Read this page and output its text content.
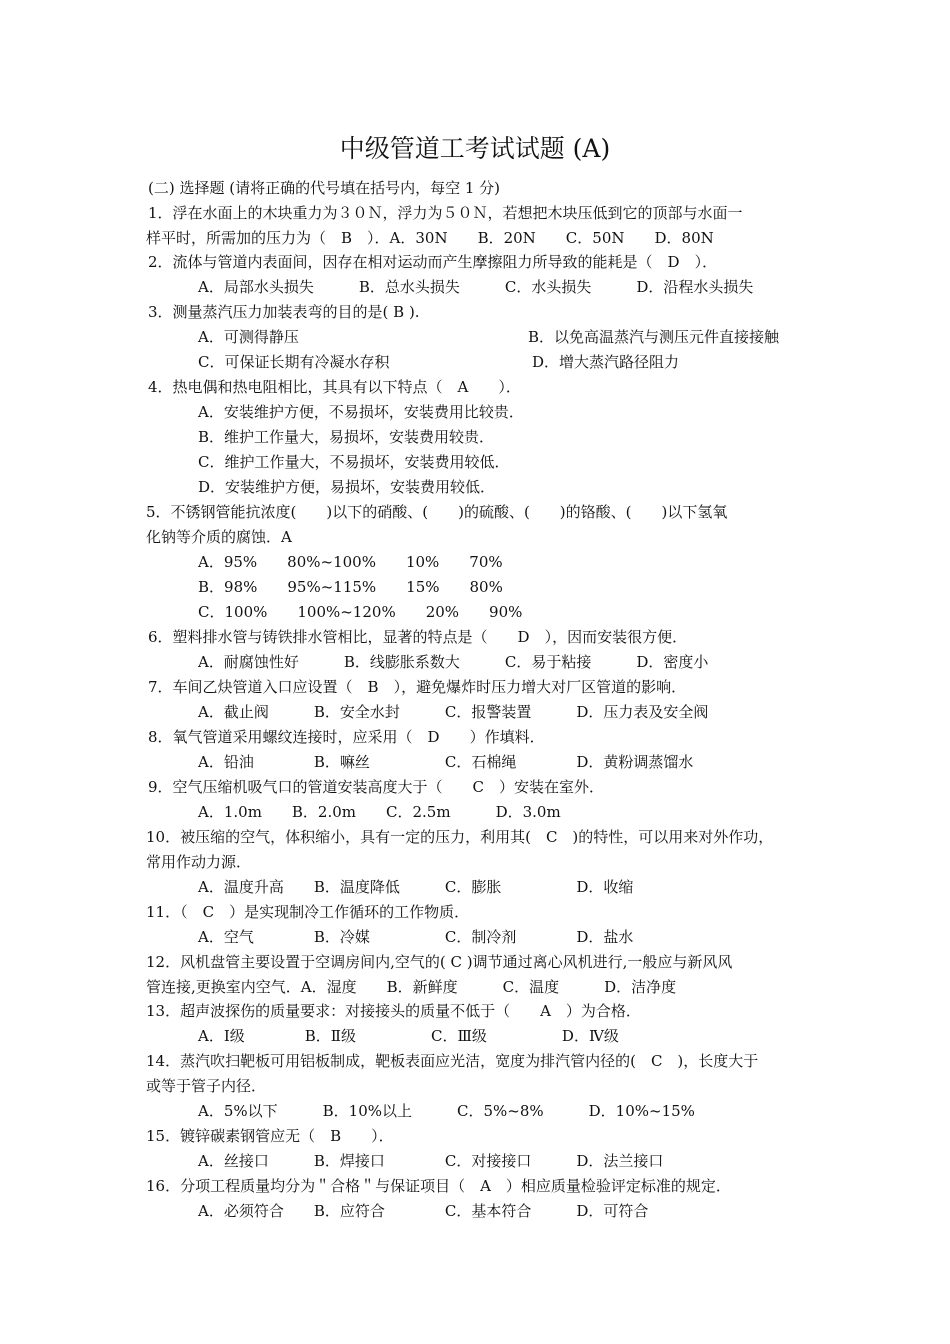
中级管道工考试试题 (A)
(二) 选择题 (请将正确的代号填在括号内，每空 1 分)
1．浮在水面上的木块重力为３０Ｎ，浮力为５０Ｎ，若想把木块压低到它的顶部与水面一
样平时，所需加的压力为（　B　）．A．30N　　B．20N　　C．50N　　D．80N
2．流体与管道内表面间，因存在相对运动而产生摩擦阻力所导致的能耗是（　D　）．
A．局部水头损失　　　B．总水头损失　　　C．水头损失　　　D．沿程水头损失
3．测量蒸汽压力加装表弯的目的是( B ).
A．可测得静压	B．以免高温蒸汽与测压元件直接接触
C．可保证长期有冷凝水存积	D．增大蒸汽路径阻力
4．热电偶和热电阻相比，其具有以下特点（　A　　）．
A．安装维护方便，不易损坏，安装费用比较贵．
B．维护工作量大，易损坏，安装费用较贵．
C．维护工作量大，不易损坏，安装费用较低．
D．安装维护方便，易损坏，安装费用较低．
5．不锈钢管能抗浓度(　　)以下的硝酸、(　　)的硫酸、(　　)的铬酸、(　　)以下氢氧
化钠等介质的腐蚀．A
A．95%　　80%~100%　　10%　　70%
B．98%　　95%~115%　　15%　　80%
C．100%　　100%~120%　　20%　　90%
6．塑料排水管与铸铁排水管相比，显著的特点是（　　D　），因而安装很方便．
A．耐腐蚀性好　　　B．线膨胀系数大　　　C．易于粘接　　　D．密度小
7．车间乙炔管道入口应设置（　B　），避免爆炸时压力增大对厂区管道的影响．
A．截止阀　　　B．安全水封　　　C．报警装置　　　D．压力表及安全阀
8．氧气管道采用螺纹连接时，应采用（　D　　）作填料．
A．铅油　　　　B．嘛丝　　　　　C．石棉绳　　　　D．黄粉调蒸馏水
9．空气压缩机吸气口的管道安装高度大于（　　C　）安装在室外．
A．1.0m　　B．2.0m　　C．2.5m　　　D．3.0m
10．被压缩的空气，体积缩小，具有一定的压力，利用其(　C　)的特性，可以用来对外作功，
常用作动力源．
A．温度升高　　B．温度降低　　　C．膨胀　　　　　D．收缩
11．（　C　）是实现制冷工作循环的工作物质．
A．空气　　　　B．冷媒　　　　　C．制冷剂　　　　D．盐水
12．风机盘管主要设置于空调房间内,空气的( C )调节通过离心风机进行,一般应与新风风
管连接,更换室内空气．A．湿度　　B．新鲜度　　　C．温度　　　D．洁净度
13．超声波探伤的质量要求：对接接头的质量不低于（　　A　）为合格．
A．Ⅰ级　　　　B．Ⅱ级　　　　　C．Ⅲ级　　　　　D．Ⅳ级
14．蒸汽吹扫靶板可用铝板制成，靶板表面应光洁，宽度为排汽管内径的(　C　)，长度大于
或等于管子内径．
A．5%以下　　　B．10%以上　　　C．5%~8%　　　D．10%~15%
15．镀锌碳素钢管应无（　B　　）．
A．丝接口　　　B．焊接口　　　　C．对接接口　　　D．法兰接口
16．分项工程质量均分为＂合格＂与保证项目（　A　）相应质量检验评定标准的规定．
A．必须符合　　B．应符合　　　　C．基本符合　　　D．可符合
